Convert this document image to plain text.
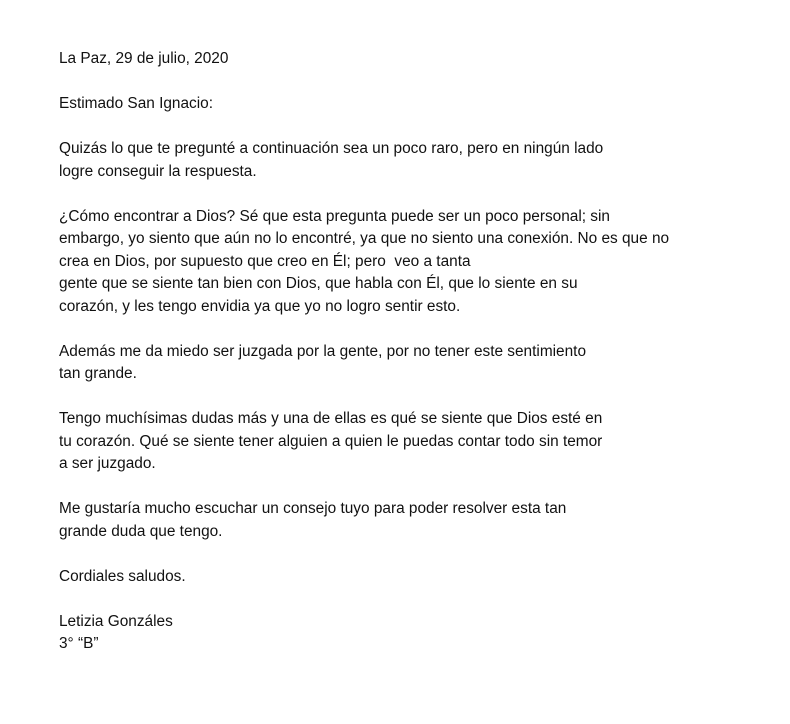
La Paz, 29 de julio, 2020
Estimado San Ignacio:
Quizás lo que te pregunté a continuación sea un poco raro, pero en ningún lado
logre conseguir la respuesta.
¿Cómo encontrar a Dios? Sé que esta pregunta puede ser un poco personal; sin
embargo, yo siento que aún no lo encontré, ya que no siento una conexión. No es que no
crea en Dios, por supuesto que creo en Él; pero  veo a tanta
gente que se siente tan bien con Dios, que habla con Él, que lo siente en su
corazón, y les tengo envidia ya que yo no logro sentir esto.
Además me da miedo ser juzgada por la gente, por no tener este sentimiento
tan grande.
Tengo muchísimas dudas más y una de ellas es qué se siente que Dios esté en
tu corazón. Qué se siente tener alguien a quien le puedas contar todo sin temor
a ser juzgado.
Me gustaría mucho escuchar un consejo tuyo para poder resolver esta tan
grande duda que tengo.
Cordiales saludos.
Letizia Gonzáles
3° “B”
